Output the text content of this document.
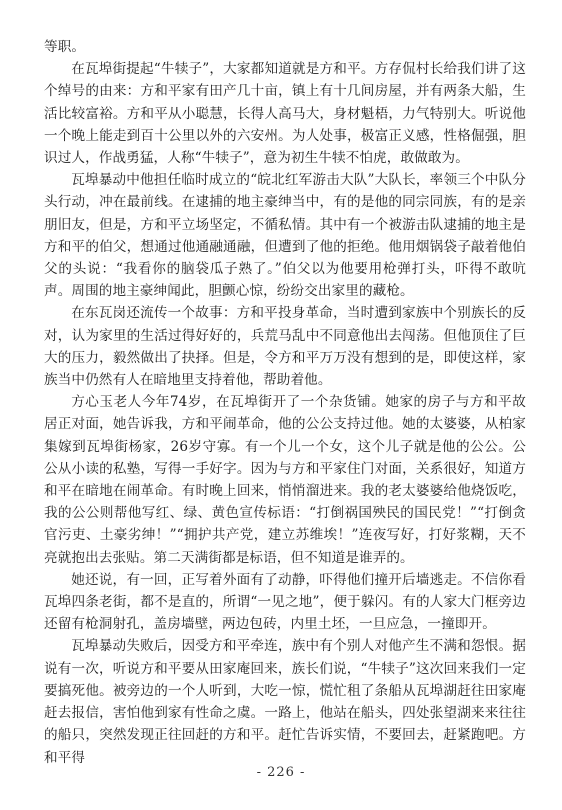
等职。

在瓦埠街提起“牛犊子”，大家都知道就是方和平。方存侃村长给我们讲了这个绰号的由来：方和平家有田产几十亩，镇上有十几间房屋，并有两条大船，生活比较富裕。方和平从小聪慧，长得人高马大，身材魁梧，力气特别大。听说他一个晚上能走到百十公里以外的六安州。为人处事，极富正义感，性格倔强，胆识过人，作战勇猛，人称“牛犊子”，意为初生牛犊不怕虎，敢做敢为。

瓦埠暴动中他担任临时成立的“皖北红军游击大队”大队长，率领三个中队分头行动，冲在最前线。在逮捕的地主豪绅当中，有的是他的同宗同族，有的是亲朋旧友，但是，方和平立场坚定，不循私情。其中有一个被游击队逮捕的地主是方和平的伯父，想通过他通融通融，但遭到了他的拒绝。他用烟锅袋子敲着他伯父的头说：“我看你的脑袋瓜子熟了。”伯父以为他要用枪弹打头，吓得不敢吭声。周围的地主豪绅闻此，胆颤心惊，纷纷交出家里的藏枪。

在东瓦岗还流传一个故事：方和平投身革命，当时遭到家族中个别族长的反对，认为家里的生活过得好好的，兵荒马乱中不同意他出去闯荡。但他顶住了巨大的压力，毅然做出了抉择。但是，令方和平万万没有想到的是，即使这样，家族当中仍然有人在暗地里支持着他，帮助着他。

方心玉老人今年74岁，在瓦埠街开了一个杂货铺。她家的房子与方和平故居正对面，她告诉我，方和平闹革命，他的公公支持过他。她的太婆婆，从柏家集嫁到瓦埠街杨家，26岁守寡。有一个儿一个女，这个儿子就是他的公公。公公从小读的私塾，写得一手好字。因为与方和平家住门对面，关系很好，知道方和平在暗地在闹革命。有时晚上回来，悄悄溜进来。我的老太婆婆给他烧饭吃，我的公公则帮他写红、绿、黄色宣传标语：“打倒祸国殃民的国民党！”“打倒贪官污吏、土豪劣绅！”“拥护共产党，建立苏维埃！”连夜写好，打好浆糊，天不亮就抱出去张贴。第二天满街都是标语，但不知道是谁弄的。

她还说，有一回，正写着外面有了动静，吓得他们撞开后墙逃走。不信你看瓦埠四条老街，都不是直的，所谓“一见之地”，便于躲闪。有的人家大门框旁边还留有枪洞射孔，盖房墙壁，两边包砖，内里土坯，一旦应急，一撞即开。

瓦埠暴动失败后，因受方和平牵连，族中有个别人对他产生不满和怨恨。据说有一次，听说方和平要从田家庵回来，族长们说，“牛犊子”这次回来我们一定要搞死他。被旁边的一个人听到，大吃一惊，慌忙租了条船从瓦埠湖赶往田家庵赶去报信，害怕他到家有性命之虞。一路上，他站在船头，四处张望湖来来往往的船只，突然发现正往回赶的方和平。赶忙告诉实情，不要回去，赶紧跑吧。方和平得

- 226 -
